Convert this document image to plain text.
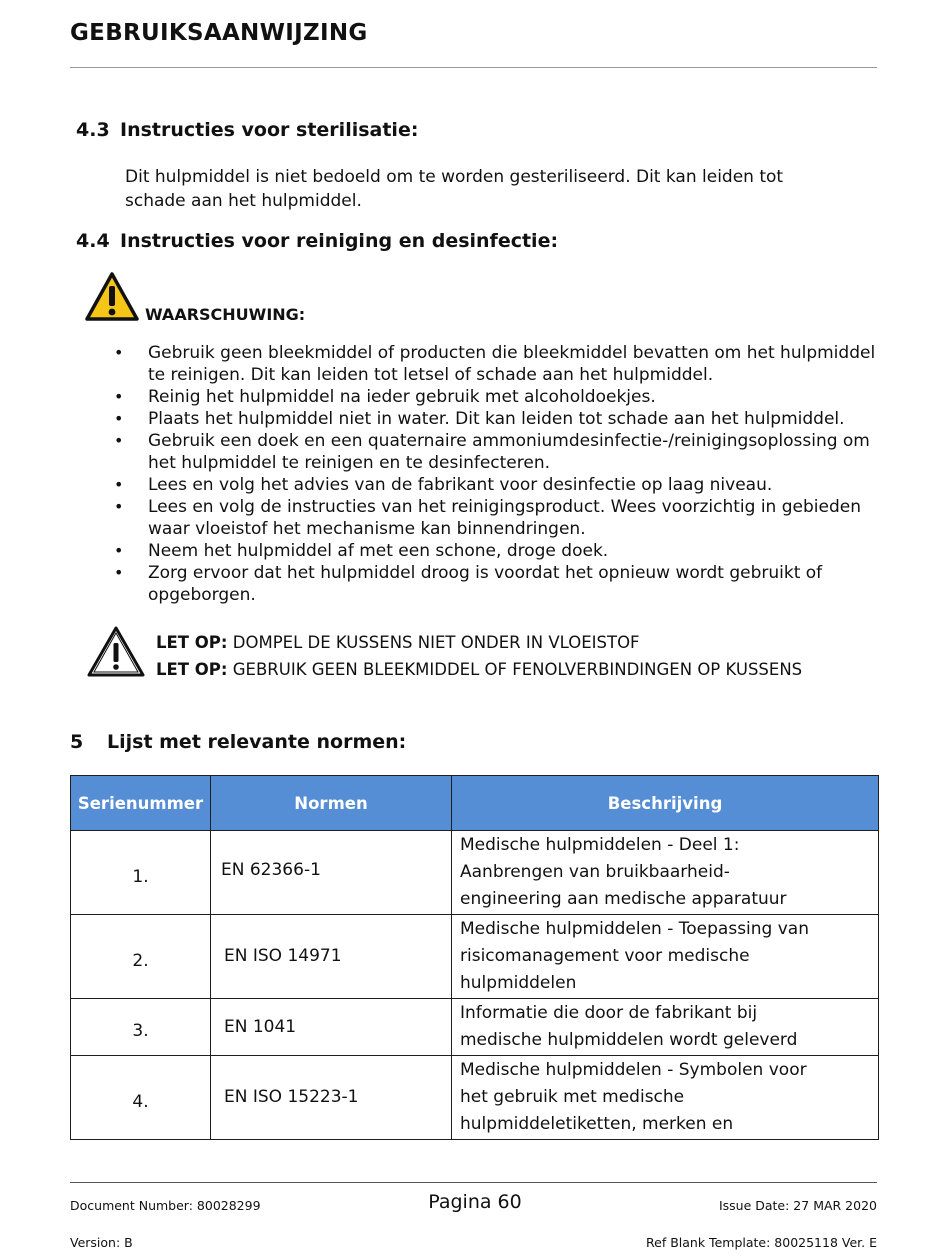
GEBRUIKSAANWIJZING
4.3 Instructies voor sterilisatie:
Dit hulpmiddel is niet bedoeld om te worden gesteriliseerd. Dit kan leiden tot
schade aan het hulpmiddel.
4.4 Instructies voor reiniging en desinfectie:
WAARSCHUWING:
• Gebruik geen bleekmiddel of producten die bleekmiddel bevatten om het hulpmiddel te reinigen. Dit kan leiden tot letsel of schade aan het hulpmiddel.
• Reinig het hulpmiddel na ieder gebruik met alcoholdoekjes.
• Plaats het hulpmiddel niet in water. Dit kan leiden tot schade aan het hulpmiddel.
• Gebruik een doek en een quaternaire ammoniumdesinfectie-/reinigingsoplossing om het hulpmiddel te reinigen en te desinfecteren.
• Lees en volg het advies van de fabrikant voor desinfectie op laag niveau.
• Lees en volg de instructies van het reinigingsproduct. Wees voorzichtig in gebieden waar vloeistof het mechanisme kan binnendringen.
• Neem het hulpmiddel af met een schone, droge doek.
• Zorg ervoor dat het hulpmiddel droog is voordat het opnieuw wordt gebruikt of opgeborgen.
LET OP: DOMPEL DE KUSSENS NIET ONDER IN VLOEISTOF
LET OP: GEBRUIK GEEN BLEEKMIDDEL OF FENOLVERBINDINGEN OP KUSSENS
5 Lijst met relevante normen:
Serienummer	Normen	Beschrijving
1.	EN 62366-1	Medische hulpmiddelen - Deel 1:
Aanbrengen van bruikbaarheid-
engineering aan medische apparatuur

2.	EN ISO 14971	Medische hulpmiddelen - Toepassing van
risicomanagement voor medische
hulpmiddelen

3.	EN 1041	Informatie die door de fabrikant bij
medische hulpmiddelen wordt geleverd

4.	EN ISO 15223-1	Medische hulpmiddelen - Symbolen voor
het gebruik met medische
hulpmiddeletiketten, merken en
Document Number: 80028299	Pagina 60	Issue Date: 27 MAR 2020
Version: B	Ref Blank Template: 80025118 Ver. E
